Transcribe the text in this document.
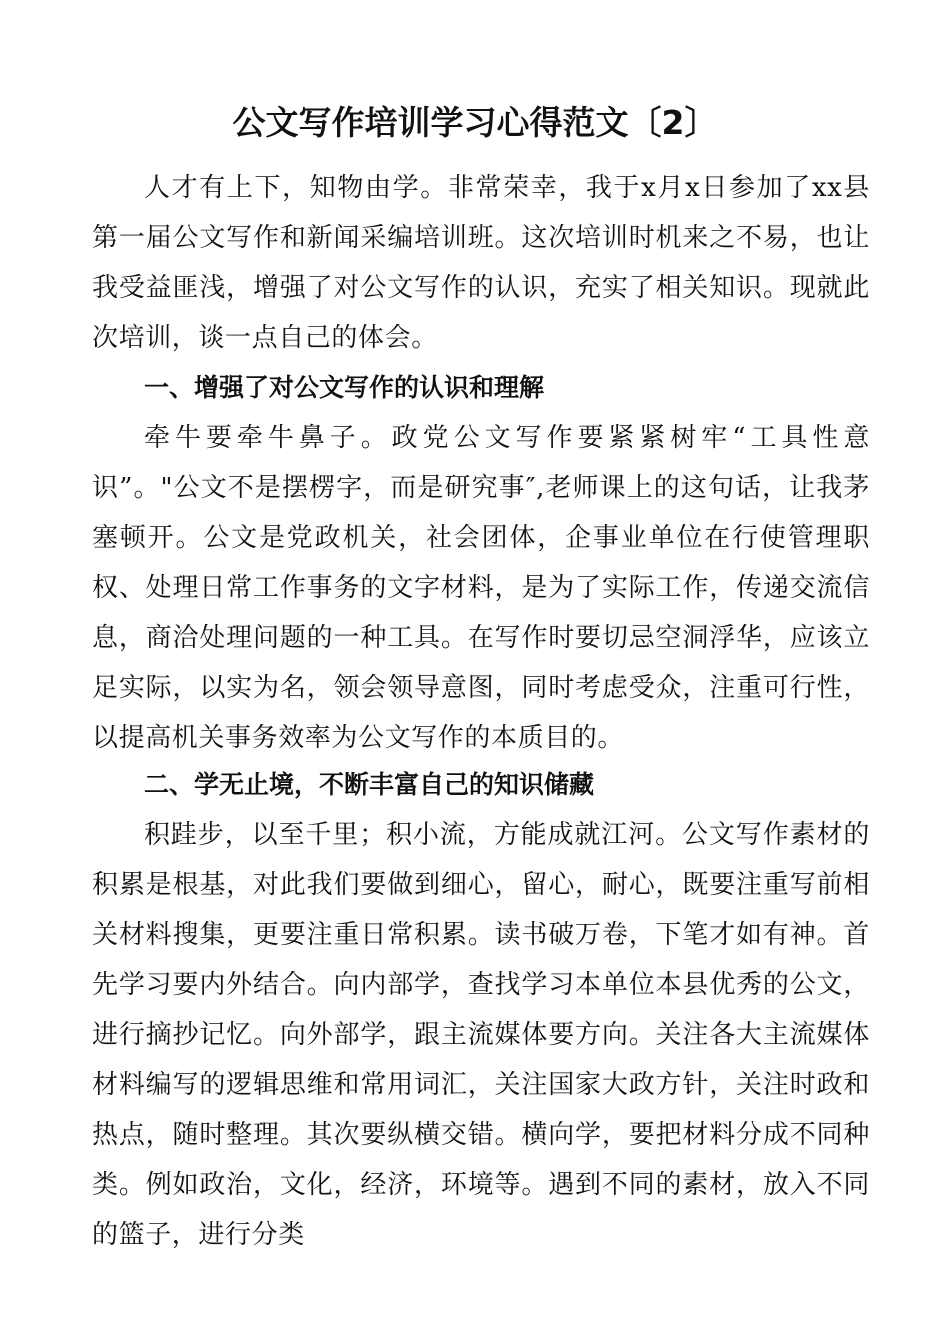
公文写作培训学习心得范文〔2〕

人才有上下，知物由学。非常荣幸，我于x月x日参加了xx县第一届公文写作和新闻采编培训班。这次培训时机来之不易，也让我受益匪浅，增强了对公文写作的认识，充实了相关知识。现就此次培训，谈一点自己的体会。

一、增强了对公文写作的认识和理解

牵牛要牵牛鼻子。政党公文写作要紧紧树牢“工具性意识”。"公文不是摆楞字，而是研究事″,老师课上的这句话，让我茅塞顿开。公文是党政机关，社会团体，企事业单位在行使管理职权、处理日常工作事务的文字材料，是为了实际工作，传递交流信息，商洽处理问题的一种工具。在写作时要切忌空洞浮华，应该立足实际，以实为名，领会领导意图，同时考虑受众，注重可行性，以提高机关事务效率为公文写作的本质目的。

二、学无止境，不断丰富自己的知识储藏

积跬步，以至千里；积小流，方能成就江河。公文写作素材的积累是根基，对此我们要做到细心，留心，耐心，既要注重写前相关材料搜集，更要注重日常积累。读书破万卷，下笔才如有神。首先学习要内外结合。向内部学，查找学习本单位本县优秀的公文，进行摘抄记忆。向外部学，跟主流媒体要方向。关注各大主流媒体材料编写的逻辑思维和常用词汇，关注国家大政方针，关注时政和热点，随时整理。其次要纵横交错。横向学，要把材料分成不同种类。例如政治，文化，经济，环境等。遇到不同的素材，放入不同的篮子，进行分类
